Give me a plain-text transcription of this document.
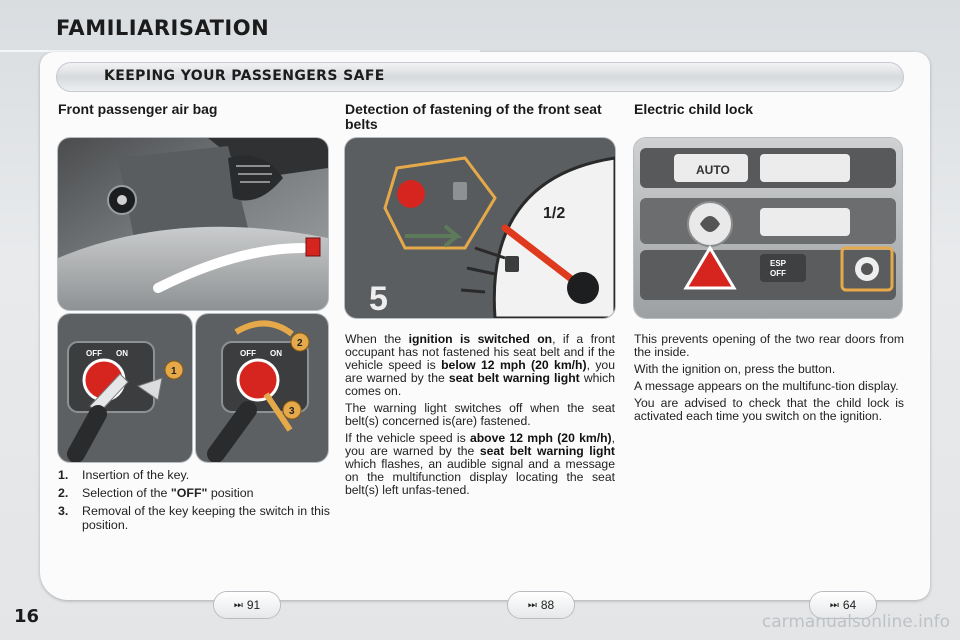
FAMILIARISATION
KEEPING YOUR PASSENGERS SAFE
Front passenger air bag
OFF ON
1
OFF ON
2
3
1.	Insertion of the key.
2.	Selection of the "OFF" position
3.	Removal of the key keeping the switch in this position.
Detection of fastening of the front seat belts
1/2
5

When the ignition is switched on, if a front occupant has not fastened his seat belt and if the vehicle speed is below 12 mph (20 km/h), you are warned by the seat belt warning light which comes on.

The warning light switches off when the seat belt(s) concerned is(are) fastened.

If the vehicle speed is above 12 mph (20 km/h), you are warned by the seat belt warning light which flashes, an audible signal and a message on the multifunction display locating the seat belt(s) left unfas-tened.

Electric child lock
AUTO
ESP
OFF

This prevents opening of the two rear doors from the inside.

With the ignition on, press the button.

A message appears on the multifunc-tion display.

You are advised to check that the child lock is activated each time you switch on the ignition.

⏭ 91	⏭ 88	⏭ 64
16	carmanualsonline.info
